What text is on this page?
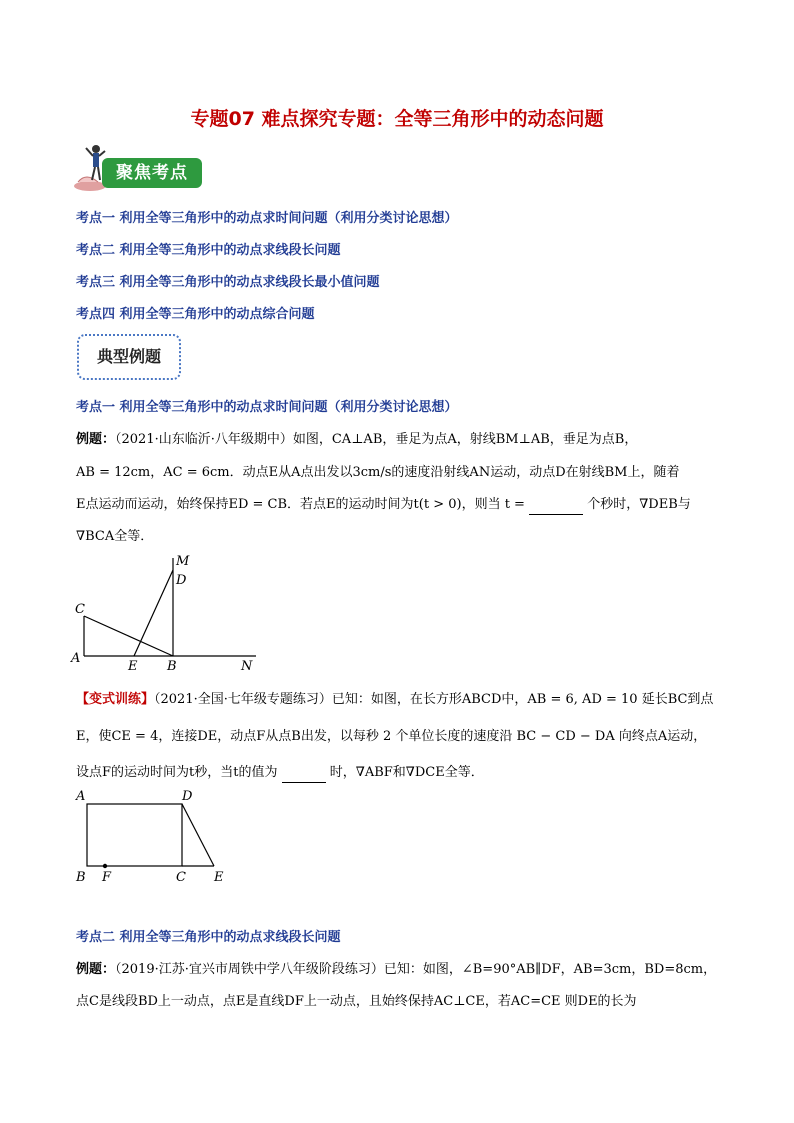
专题07 难点探究专题：全等三角形中的动态问题
聚焦考点
考点一 利用全等三角形中的动点求时间问题（利用分类讨论思想）
考点二 利用全等三角形中的动点求线段长问题
考点三 利用全等三角形中的动点求线段长最小值问题
考点四 利用全等三角形中的动点综合问题
典型例题
考点一 利用全等三角形中的动点求时间问题（利用分类讨论思想）
例题：（2021·山东临沂·八年级期中）如图，CA⊥AB，垂足为点A，射线BM⊥AB，垂足为点B，
AB = 12cm，AC = 6cm．动点E从A点出发以3cm/s的速度沿射线AN运动，动点D在射线BM上，随着
E点运动而运动，始终保持ED = CB．若点E的运动时间为t(t > 0)，则当 t =	个秒时，∇DEB与
∇BCA全等．
M
D
C
A
E B	N
【变式训练】（2021·全国·七年级专题练习）已知：如图，在长方形ABCD中，AB = 6, AD = 10 延长BC到点
E，使CE = 4，连接DE，动点F从点B出发，以每秒 2 个单位长度的速度沿 BC − CD − DA 向终点A运动，
设点F的运动时间为t秒，当t的值为	时，∇ABF和∇DCE全等．
A	D
B F	C E
考点二 利用全等三角形中的动点求线段长问题
例题：（2019·江苏·宜兴市周铁中学八年级阶段练习）已知：如图，∠B=90°AB∥DF，AB=3cm，BD=8cm，
点C是线段BD上一动点，点E是直线DF上一动点，且始终保持AC⊥CE，若AC=CE 则DE的长为
